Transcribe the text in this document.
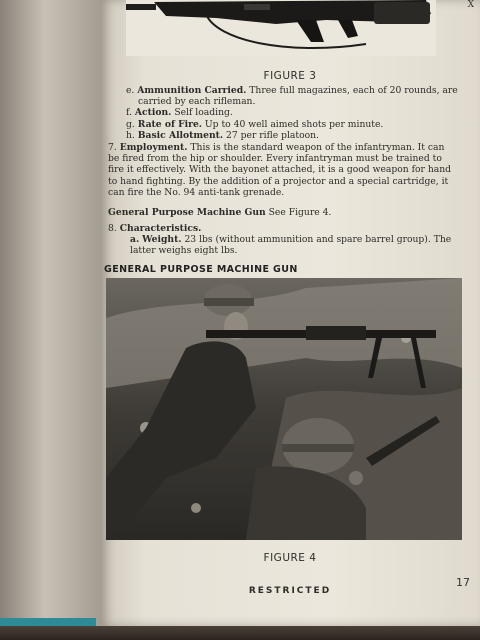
X
FIGURE 3

e. Ammunition Carried. Three full magazines, each of 20 rounds, are carried by each rifleman.

f. Action. Self loading.

g. Rate of Fire. Up to 40 well aimed shots per minute.

h. Basic Allotment. 27 per rifle platoon.

7. Employment. This is the standard weapon of the infantryman. It can be fired from the hip or shoulder. Every infantryman must be trained to fire it effectively. With the bayonet attached, it is a good weapon for hand to hand fighting. By the addition of a projector and a special cartridge, it can fire the No. 94 anti-tank grenade.

General Purpose Machine Gun See Figure 4.

8. Characteristics.

a. Weight. 23 lbs (without ammunition and spare barrel group). The latter weighs eight lbs.

GENERAL PURPOSE MACHINE GUN
FIGURE 4
RESTRICTED
17
